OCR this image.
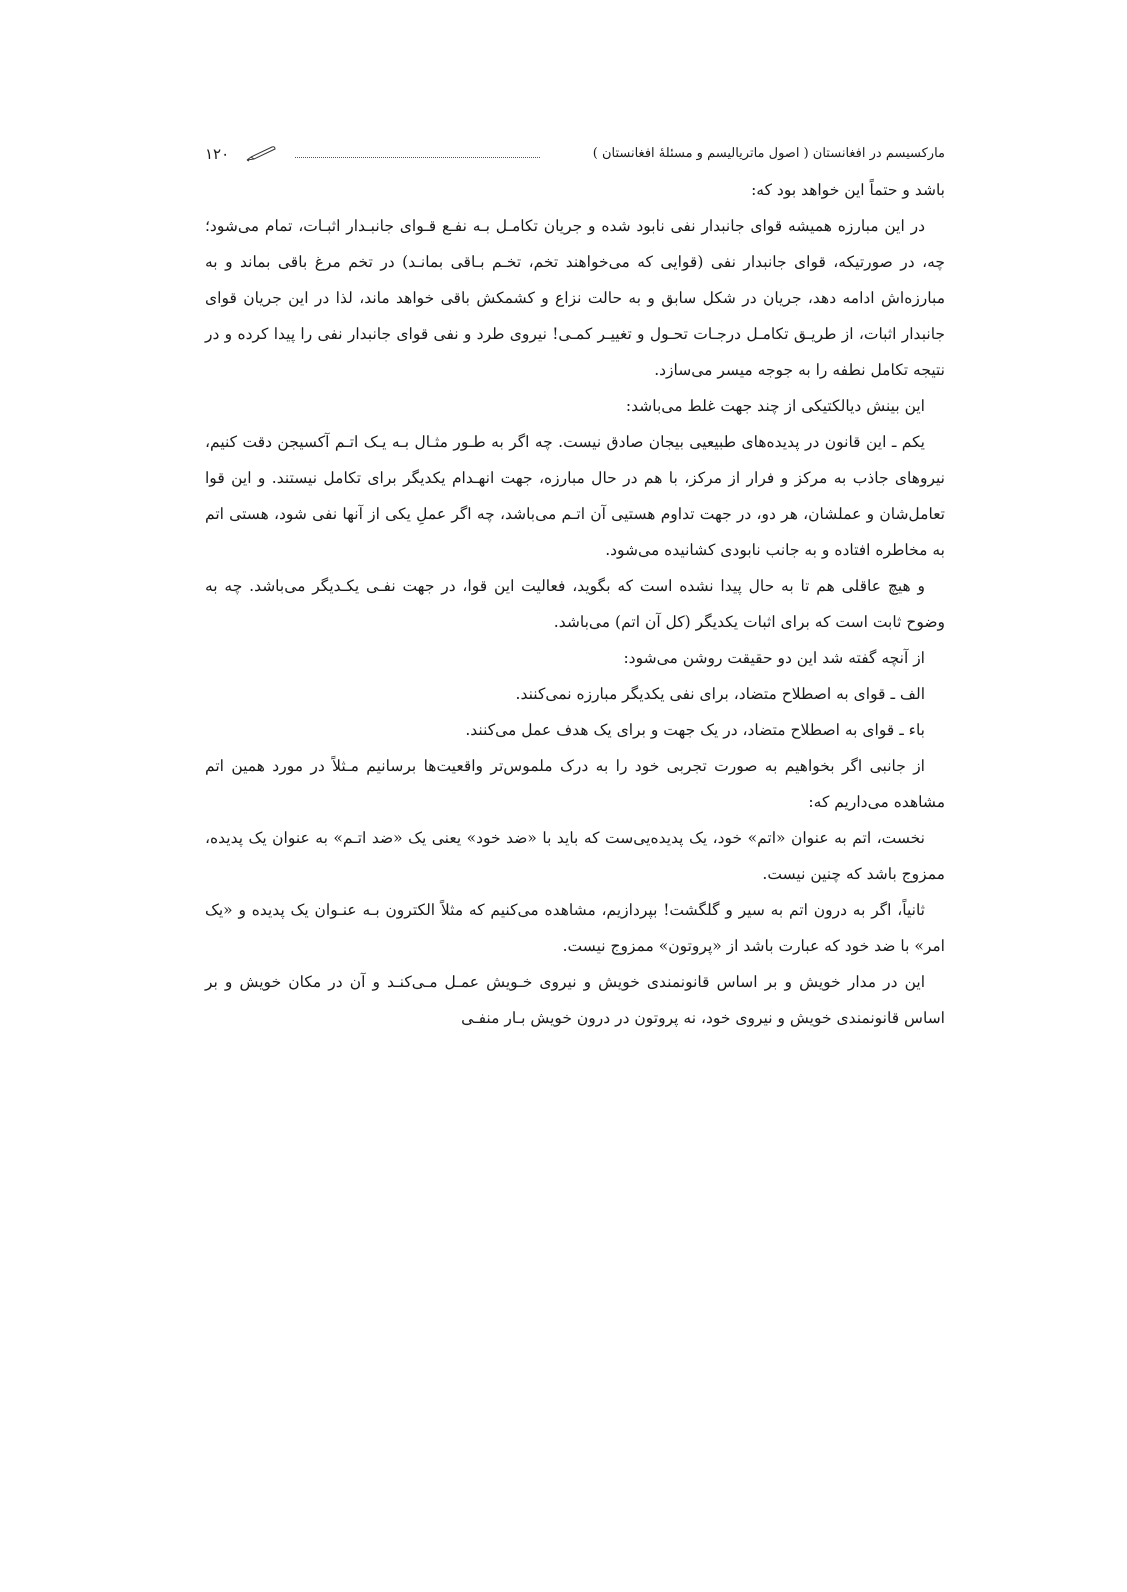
مارکسیسم در افغانستان ( اصول ماتریالیسم و مسئلهٔ افغانستان )
۱۲۰

باشد و حتماً این خواهد بود که:

در این مبارزه همیشه قوای جانبدار نفی نابود شده و جریان تکامـل بـه نفـع قـوای جانبـدار اثبـات، تمام می‌شود؛ چه، در صورتیکه، قوای جانبدار نفی (قوایی که می‌خواهند تخم، تخـم بـاقی بمانـد) در تخم مرغ باقی بماند و به مبارزه‌اش ادامه دهد، جریان در شکل سابق و به حالت نزاع و کشمکش باقی خواهد ماند، لذا در این جریان قوای جانبدار اثبات، از طریـق تکامـل درجـات تحـول و تغییـر کمـی! نیروی طرد و نفی قوای جانبدار نفی را پیدا کرده و در نتیجه تکامل نطفه را به جوجه میسر می‌سازد.

این بینش دیالکتیکی از چند جهت غلط می‌باشد:

یکم ـ این قانون در پدیده‌های طبیعیی بیجان صادق نیست. چه اگر به طـور مثـال بـه یـک اتـم آکسیجن دقت کنیم، نیروهای جاذب به مرکز و فرار از مرکز، با هم در حال مبارزه، جهت انهـدام یکدیگر برای تکامل نیستند. و این قوا تعامل‌شان و عملشان، هر دو، در جهت تداوم هستیی آن اتـم می‌باشد، چه اگر عملِ یکی از آنها نفی شود، هستی اتم به مخاطره افتاده و به جانب نابودی کشانیده می‌شود.

و هیچ عاقلی هم تا به حال پیدا نشده است که بگوید، فعالیت این قوا، در جهت نفـی یکـدیگر می‌باشد. چه به وضوح ثابت است که برای اثبات یکدیگر (کل آن اتم) می‌باشد.

از آنچه گفته شد این دو حقیقت روشن می‌شود:

الف ـ قوای به اصطلاح متضاد، برای نفی یکدیگر مبارزه نمی‌کنند.

باء ـ قوای به اصطلاح متضاد، در یک جهت و برای یک هدف عمل می‌کنند.

از جانبی اگر بخواهیم به صورت تجربی خود را به درک ملموس‌تر واقعیت‌ها برسانیم مـثلاً در مورد همین اتم مشاهده می‌داریم که:

نخست، اتم به عنوان «اتم» خود، یک پدیده‌یی‌ست که باید با «ضد خود» یعنی یک «ضد اتـم» به عنوان یک پدیده، ممزوج باشد که چنین نیست.

ثانیاً، اگر به درون اتم به سیر و گلگشت! بپردازیم، مشاهده می‌کنیم که مثلاً الکترون بـه عنـوان یک پدیده و «یک امر» با ضد خود که عبارت باشد از «پروتون» ممزوج نیست.

این در مدار خویش و بر اساس قانونمندی خویش و نیروی خـویش عمـل مـی‌کنـد و آن در مکان خویش و بر اساس قانونمندی خویش و نیروی خود، نه پروتون در درون خویش بـار منفـی
